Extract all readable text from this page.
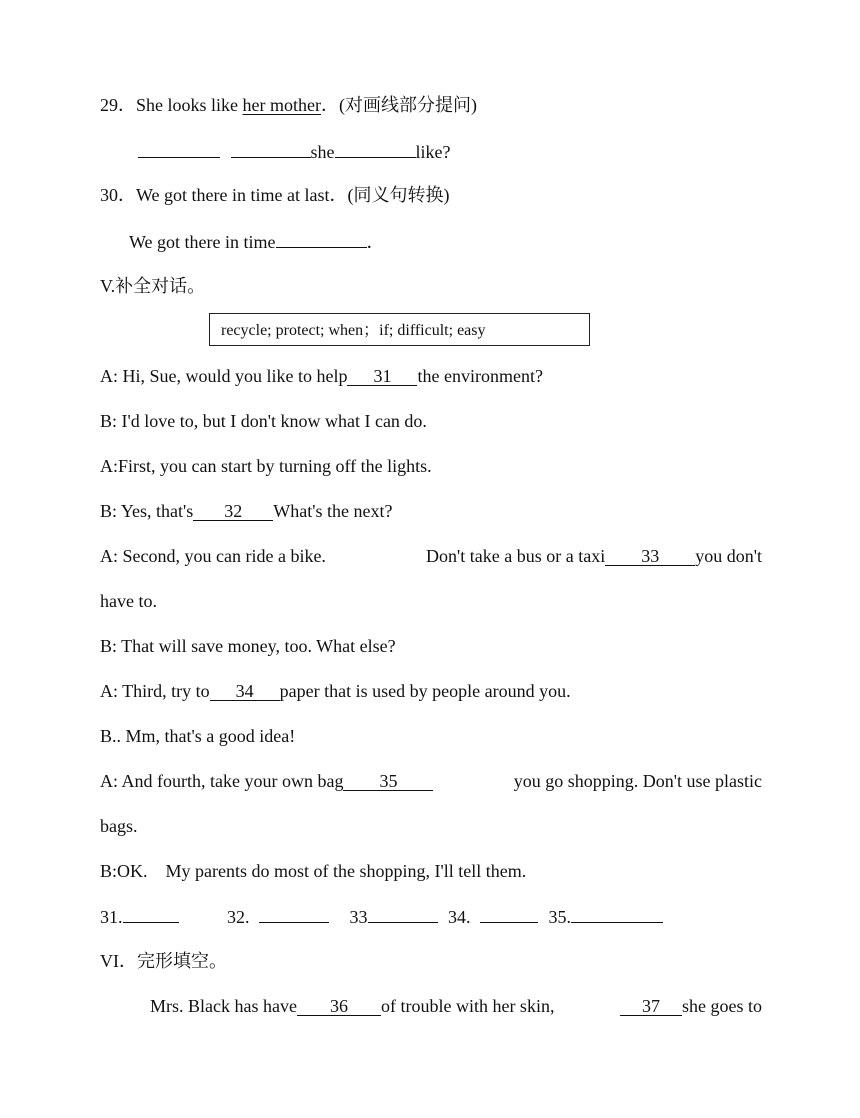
29．She looks like her mother．(对画线部分提问)
she	like?
30．We got there in time at last．(同义句转换)
We got there in time	．
V.补全对话。
recycle; protect; when；if; difficult; easy
A: Hi, Sue, would you like to help 31 the environment?
B: I'd love to, but I don't know what I can do.
A:First, you can start by turning off the lights.
B: Yes, that's 32 What's the next?
A: Second, you can ride a bike.	Don't take a bus or a taxi 33 you don't
have to.
B: That will save money, too. What else?
A: Third, try to 34 paper that is used by people around you.
B.. Mm, that's a good idea!
A: And fourth, take your own bag 35	you go shopping. Don't use plastic
bags.
B:OK.    My parents do most of the shopping, I'll tell them.
31.	32.	33	34.	35.
VI．完形填空。
Mrs. Black has have 36 of trouble with her skin,	37 she goes to
